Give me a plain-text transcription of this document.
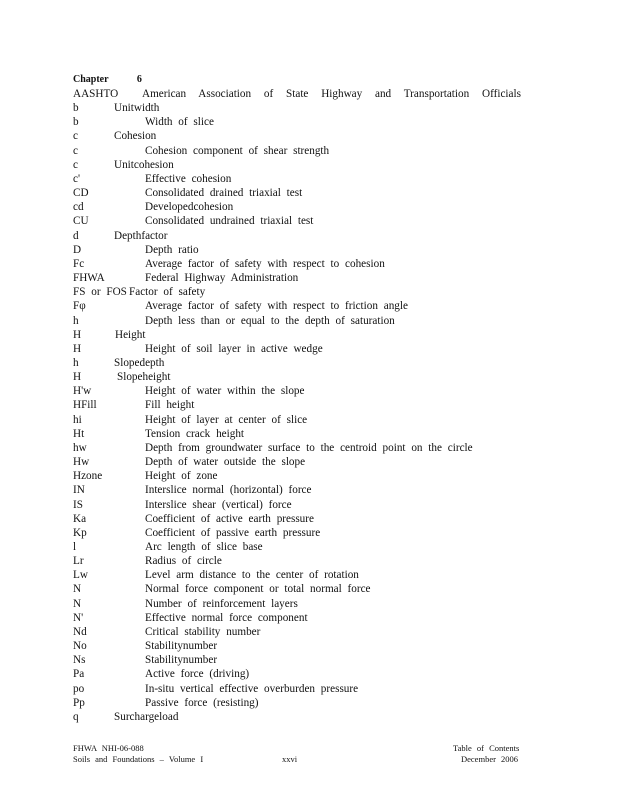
Chapter	6
AASHTO American Association of State Highway and Transportation Officials
b	Unitwidth
b	Width of slice
c	Cohesion
c	Cohesion component of shear strength
c	Unitcohesion
c'	Effective cohesion
CD	Consolidated drained triaxial test
cd	Developedcohesion
CU	Consolidated undrained triaxial test
d	Depthfactor
D	Depth ratio
Fc	Average factor of safety with respect to cohesion
FHWA	Federal Highway Administration
FS or FOS Factor of safety
Fφ	Average factor of safety with respect to friction angle
h	Depth less than or equal to the depth of saturation
H	Height
H	Height of soil layer in active wedge
h	Slopedepth
H	Slopeheight
H'w	Height of water within the slope
HFill	Fill height
hi	Height of layer at center of slice
Ht	Tension crack height
hw	Depth from groundwater surface to the centroid point on the circle
Hw	Depth of water outside the slope
Hzone	Height of zone
IN	Interslice normal (horizontal) force
IS	Interslice shear (vertical) force
Ka	Coefficient of active earth pressure
Kp	Coefficient of passive earth pressure
l	Arc length of slice base
Lr	Radius of circle
Lw	Level arm distance to the center of rotation
N	Normal force component or total normal force
N	Number of reinforcement layers
N'	Effective normal force component
Nd	Critical stability number
No	Stabilitynumber
Ns	Stabilitynumber
Pa	Active force (driving)
po	In-situ vertical effective overburden pressure
Pp	Passive force (resisting)
q	Surchargeload
FHWA NHI-06-088
Soils and Foundations – Volume I	xxvi
Table of Contents
December 2006
